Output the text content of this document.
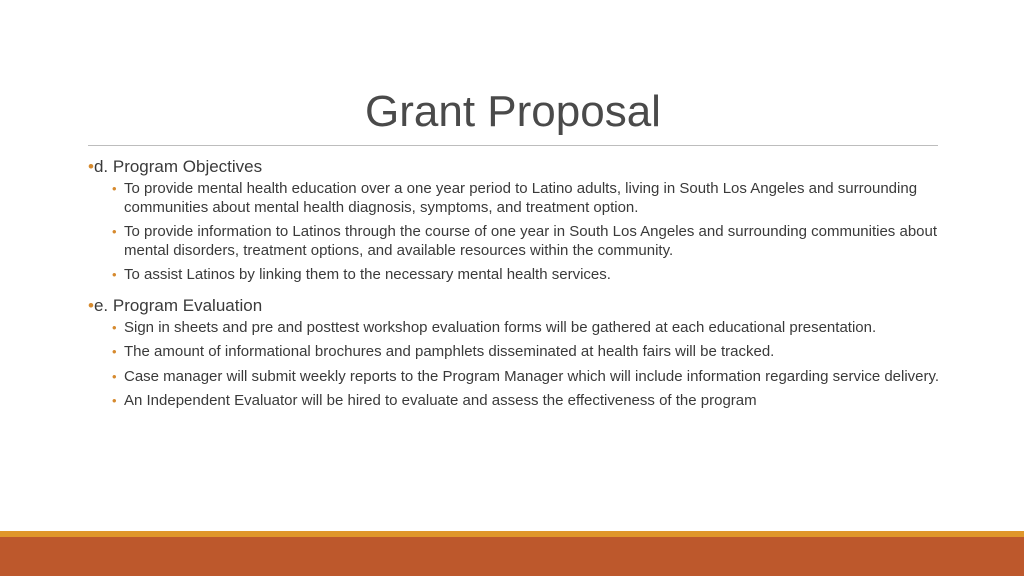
Grant Proposal

•d. Program Objectives

• To provide mental health education over a one year period to Latino adults, living in South Los Angeles and surrounding communities about mental health diagnosis, symptoms, and treatment option.
• To provide information to Latinos through the course of one year in South Los Angeles and surrounding communities about mental disorders, treatment options, and available resources within the community.
• To assist Latinos by linking them to the necessary mental health services.

•e. Program Evaluation

• Sign in sheets and pre and posttest workshop evaluation forms will be gathered at each educational presentation.
• The amount of informational brochures and pamphlets disseminated at health fairs will be tracked.
• Case manager will submit weekly reports to the Program Manager which will include information regarding service delivery.
• An Independent Evaluator will be hired to evaluate and assess the effectiveness of the program
